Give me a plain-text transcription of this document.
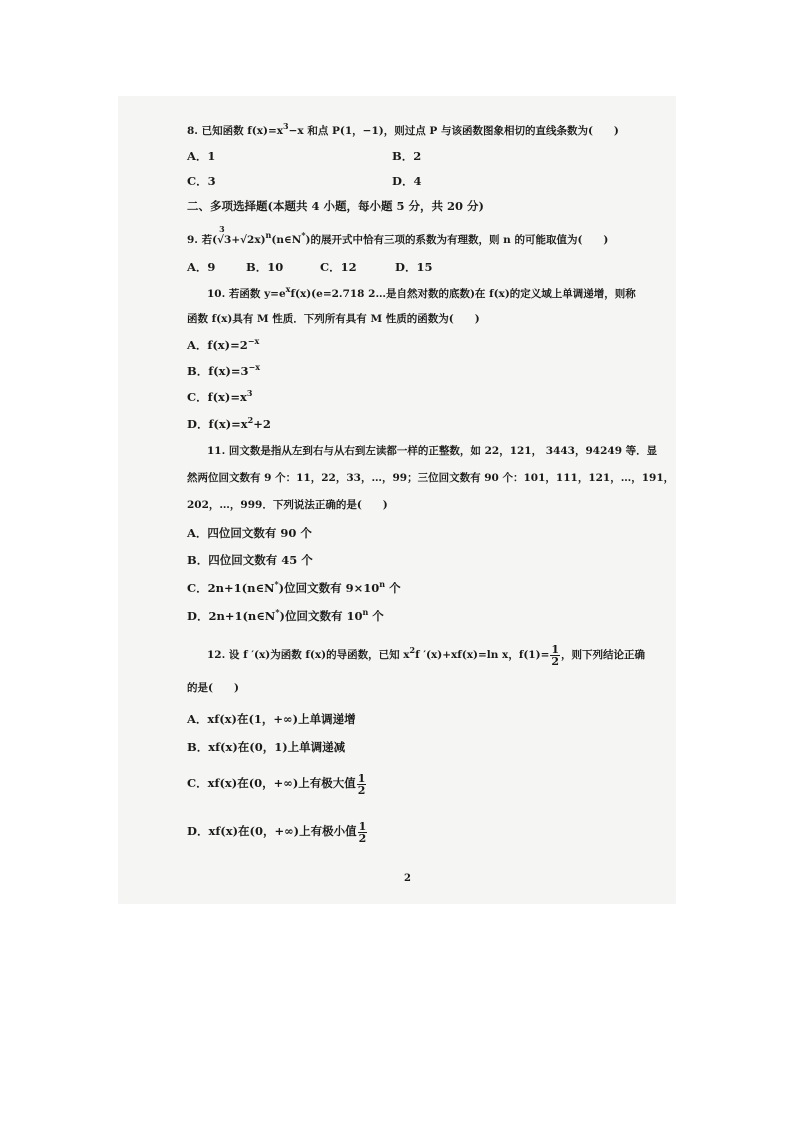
8. 已知函数 $f(x)=x^3-x$ 和点 P(1，−1)，则过点 P 与该函数图象相切的直线条数为(　　)
A．1	B．2
C．3	D．4
二、多项选择题(本题共 4 小题，每小题 5 分，共 20 分)
9. 若(
3
√3+√2x)$^n$(n∈N*)的展开式中恰有三项的系数为有理数，则 n 的可能取值为(　　)
A．9	B．10	C．12	D．15
10. 若函数 $y=e^xf(x)(e=2.718$ 2…是自然对数的底数)在 f(x)的定义域上单调递增，则称
函数 f(x)具有 M 性质．下列所有具有 M 性质的函数为(　　)
A．$f(x)=2^{-x}$
B．$f(x)=3^{-x}$
C．$f(x)=x^3$
D．$f(x)=x^2+2$
11. 回文数是指从左到右与从右到左读都一样的正整数，如 22，121， 3443，94249 等．显
然两位回文数有 9 个：11，22，33，…，99；三位回文数有 90 个：101，111，121，…，191，
202，…，999．下列说法正确的是(　　)
A．四位回文数有 90 个
B．四位回文数有 45 个
C．2n+1(n∈N*)位回文数有 $9\times 10^n$ 个
D．2n+1(n∈N*)位回文数有 10$^n$ 个
12. 设 f ′(x)为函数 f(x)的导函数，已知 $x^2f$ ′(x)+xf(x)=ln x，$f(1)= \frac{1}{2}$ ，则下列结论正确
的是(　　)
A．xf(x)在(1，+∞)上单调递增
B．xf(x)在(0，1)上单调递减
C．xf(x)在(0，+∞)上有极大值 $\frac{1}{2}$
D．xf(x)在(0，+∞)上有极小值 $\frac{1}{2}$
2
